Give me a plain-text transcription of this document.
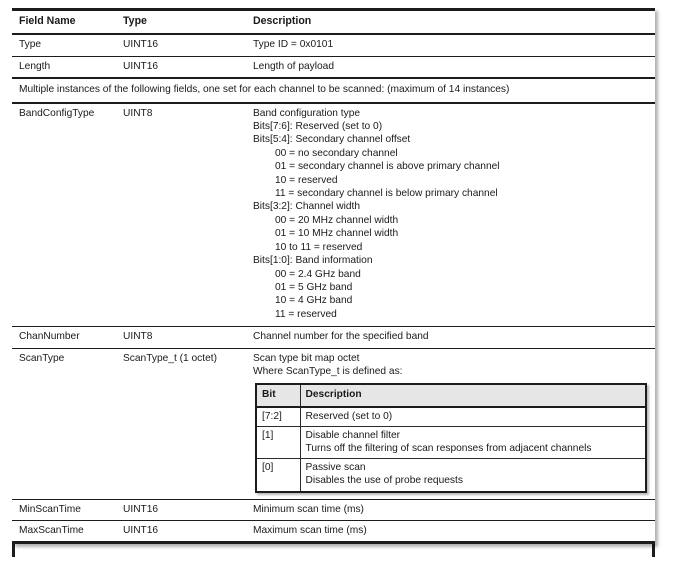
Field Name	Type	Description
Type	UINT16	Type ID = 0x0101
Length	UINT16	Length of payload
Multiple instances of the following fields, one set for each channel to be scanned: (maximum of 14 instances)
BandConfigType	UINT8	Band configuration type
Bits[7:6]: Reserved (set to 0)
Bits[5:4]: Secondary channel offset
00 = no secondary channel
01 = secondary channel is above primary channel
10 = reserved
11 = secondary channel is below primary channel
Bits[3:2]: Channel width
00 = 20 MHz channel width
01 = 10 MHz channel width
10 to 11 = reserved
Bits[1:0]: Band information
00 = 2.4 GHz band
01 = 5 GHz band
10 = 4 GHz band
11 = reserved

ChanNumber	UINT8	Channel number for the specified band
ScanType	ScanType_t (1 octet)	Scan type bit map octet
Where ScanType_t is defined as:
Bit	Description
[7:2]	Reserved (set to 0)

[1]	Disable channel filter
Turns off the filtering of scan responses from adjacent channels

[0]	Passive scan
Disables the use of probe requests

MinScanTime	UINT16	Minimum scan time (ms)
MaxScanTime	UINT16	Maximum scan time (ms)
